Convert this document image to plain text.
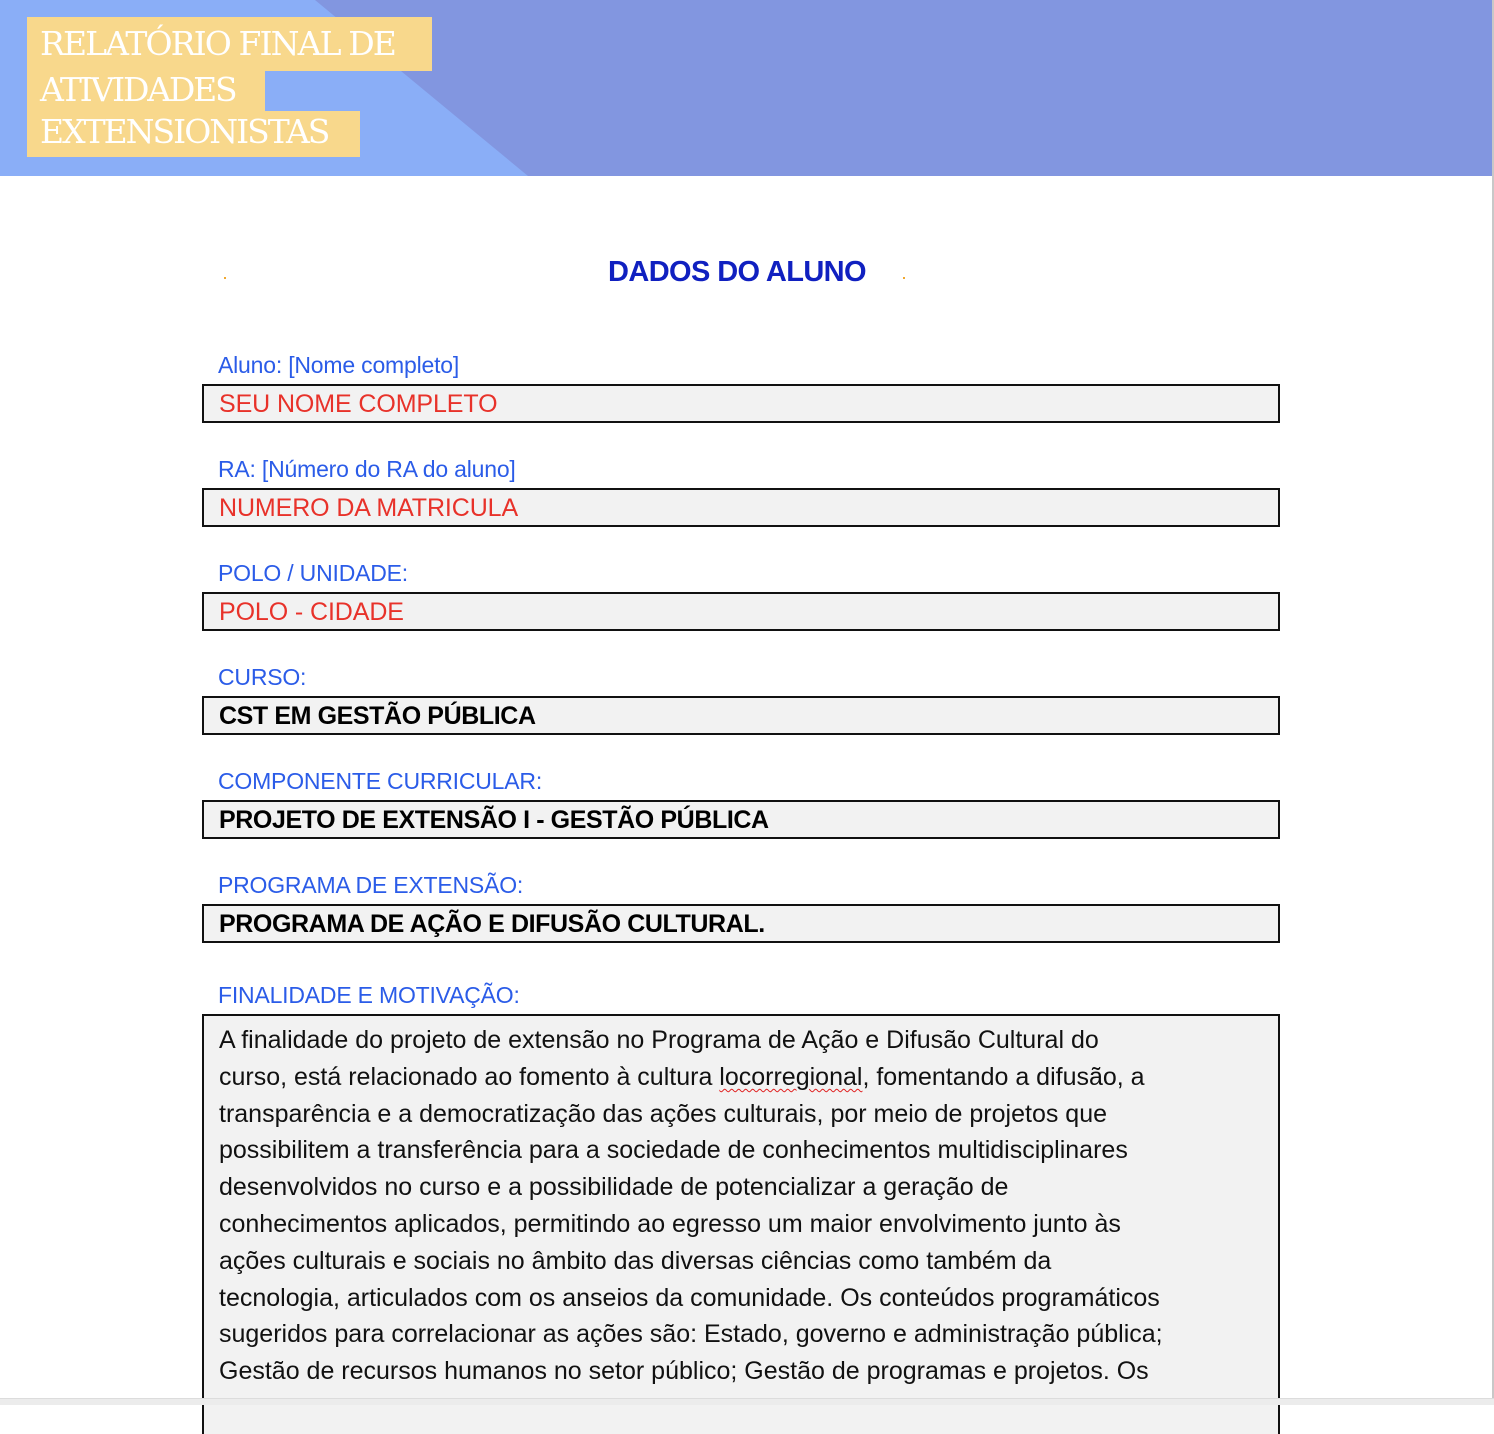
RELATÓRIO FINAL DE
ATIVIDADES
EXTENSIONISTAS
DADOS DO ALUNO
Aluno: [Nome completo]
SEU NOME COMPLETO
RA: [Número do RA do aluno]
NUMERO DA MATRICULA
POLO / UNIDADE:
POLO - CIDADE
CURSO:
CST EM GESTÃO PÚBLICA
COMPONENTE CURRICULAR:
PROJETO DE EXTENSÃO I - GESTÃO PÚBLICA
PROGRAMA DE EXTENSÃO:
PROGRAMA DE AÇÃO E DIFUSÃO CULTURAL.
FINALIDADE E MOTIVAÇÃO:
A finalidade do projeto de extensão no Programa de Ação e Difusão Cultural do
curso, está relacionado ao fomento à cultura locorregional, fomentando a difusão, a
transparência e a democratização das ações culturais, por meio de projetos que
possibilitem a transferência para a sociedade de conhecimentos multidisciplinares
desenvolvidos no curso e a possibilidade de potencializar a geração de
conhecimentos aplicados, permitindo ao egresso um maior envolvimento junto às
ações culturais e sociais no âmbito das diversas ciências como também da
tecnologia, articulados com os anseios da comunidade. Os conteúdos programáticos
sugeridos para correlacionar as ações são: Estado, governo e administração pública;
Gestão de recursos humanos no setor público; Gestão de programas e projetos. Os
